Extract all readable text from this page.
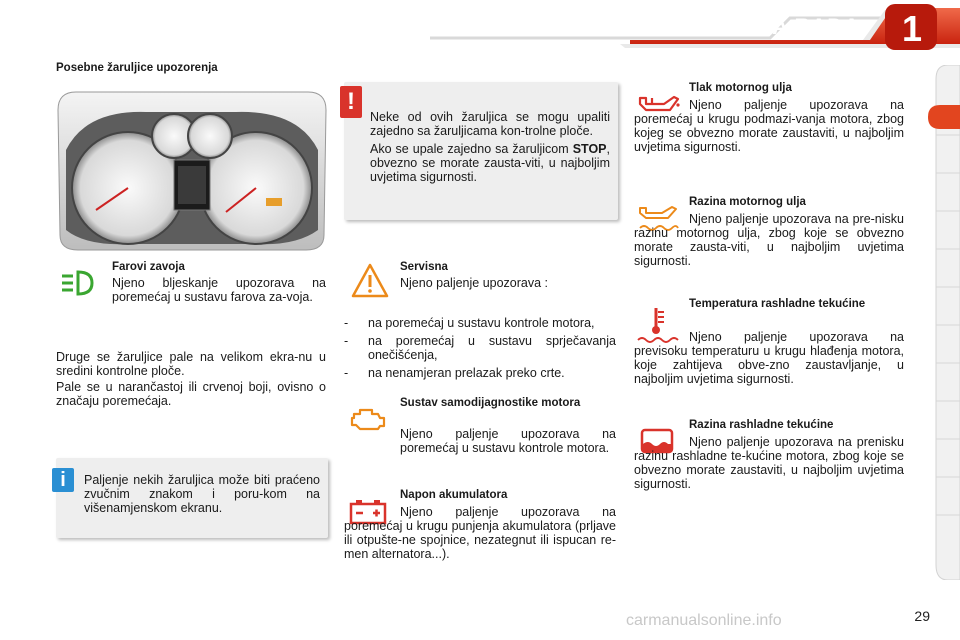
PROVJERA RADA	1
Posebne žaruljice upozorenja
Farovi zavoja
Njeno bljeskanje upozorava na poremećaj u sustavu farova za-voja.
Druge se žaruljice pale na velikom ekra-nu u sredini kontrolne ploče.
Pale se u narančastoj ili crvenoj boji, ovisno o značaju poremećaja.
i	Paljenje nekih žaruljica može biti praćeno zvučnim znakom i poru-kom na višenamjenskom ekranu.
!

Neke od ovih žaruljica se mogu upaliti zajedno sa žaruljicama kon-trolne ploče.

Ako se upale zajedno sa žaruljicom STOP, obvezno se morate zausta-viti, u najboljim uvjetima sigurnosti.

Servisna
Njeno paljenje upozorava :
- na poremećaj u sustavu kontrole motora,
- na poremećaj u sustavu sprječavanja onečišćenja,
- na nenamjeran prelazak preko crte.
Sustav samodijagnostike motora
Njeno paljenje upozorava na poremećaj u sustavu kontrole motora.
Napon akumulatora
Njeno paljenje upozorava na poremećaj u krugu punjenja akumulatora (prljave ili otpušte-ne spojnice, nezategnut ili ispucan re-men alternatora...).
Tlak motornog ulja
Njeno paljenje upozorava na poremećaj u krugu podmazi-vanja motora, zbog kojeg se obvezno morate zaustaviti, u najboljim uvjetima sigurnosti.
Razina motornog ulja
Njeno paljenje upozorava na pre-nisku razinu motornog ulja, zbog koje se obvezno morate zausta-viti, u najboljim uvjetima sigurnosti.
Temperatura rashladne tekućine
Njeno paljenje upozorava na previsoku temperaturu u krugu hlađenja motora, koje zahtijeva obve-zno zaustavljanje, u najboljim uvjetima sigurnosti.
Razina rashladne tekućine
Njeno paljenje upozorava na prenisku razinu rashladne te-kućine motora, zbog koje se obvezno morate zaustaviti, u najboljim uvjetima sigurnosti.
carmanualsonline.info	29
